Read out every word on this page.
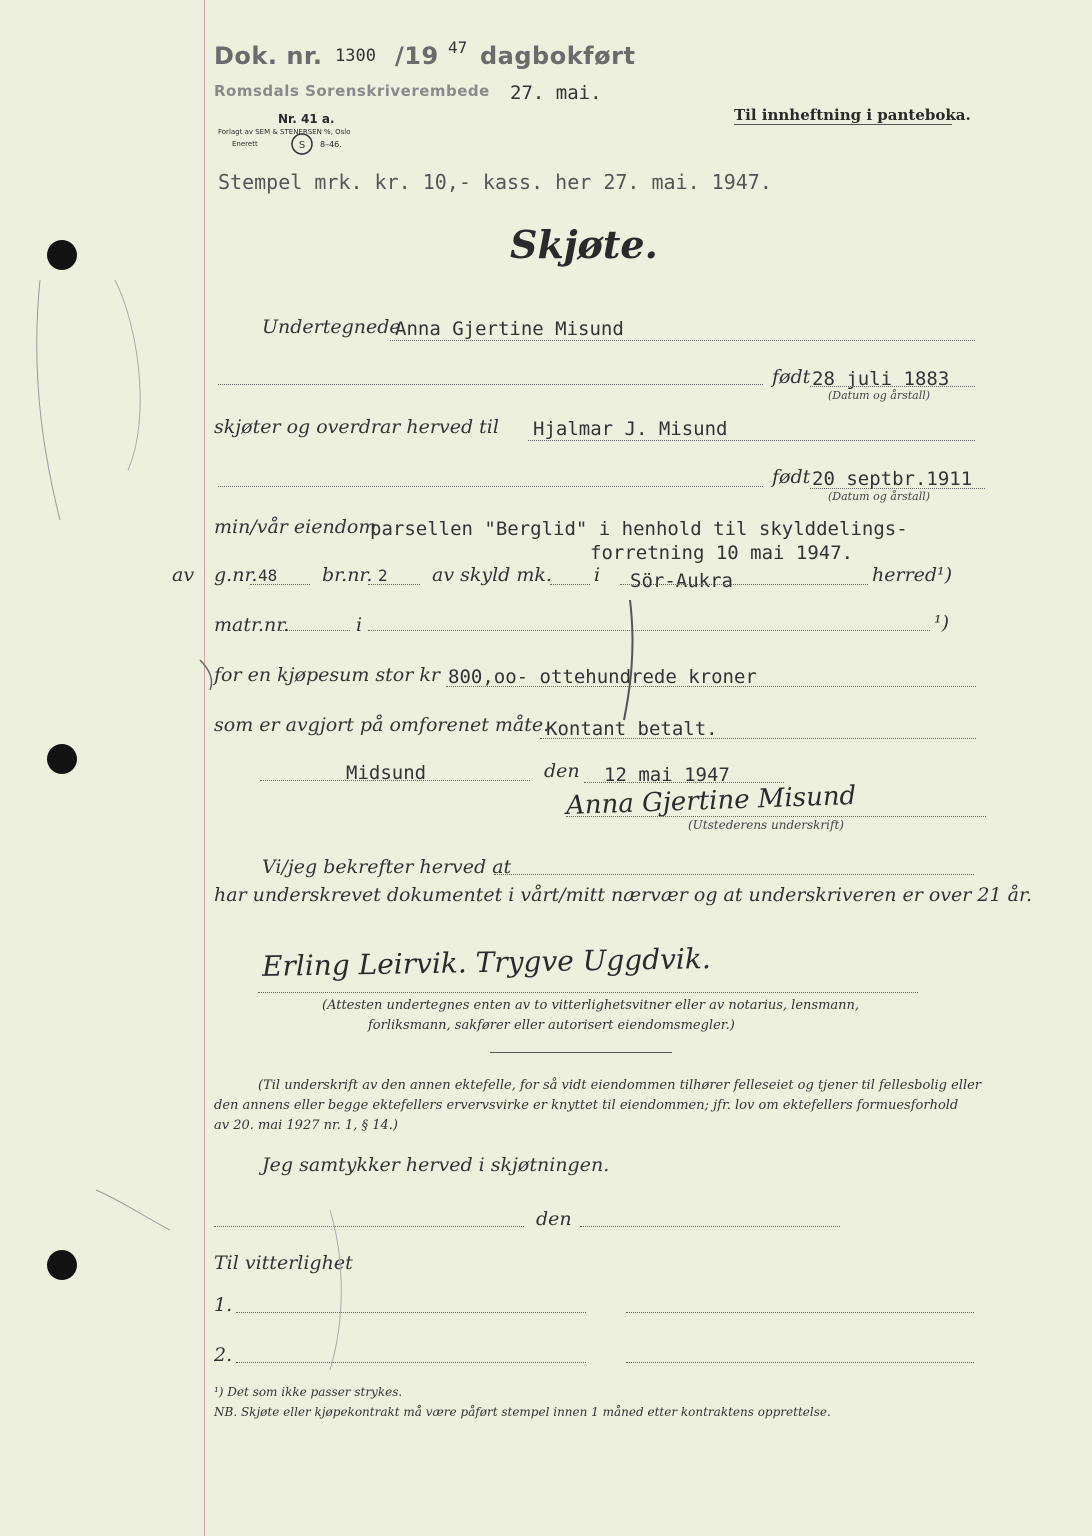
Dok. nr. 1300 /19 47 dagbokført
Romsdals Sorenskriverembede 27. mai.
Nr. 41 a.
Forlagt av SEM & STENERSEN %, Oslo
Enerett	S 8–46.
Til innheftning i panteboka.
Stempel mrk. kr. 10,- kass. her 27. mai. 1947.
Skjøte.
Undertegnede
Anna Gjertine Misund
født 28 juli 1883
(Datum og årstall)
skjøter og overdrar herved til Hjalmar J. Misund
født 20 septbr.1911
(Datum og årstall)
min/vår eiendom
parsellen "Berglid" i henhold til skylddelings-
forretning 10 mai 1947.
av g.nr. 48 br.nr. 2 av skyld mk. i Sör-Aukra	herred¹)
matr.nr.	i	¹)
for en kjøpesum stor kr 800,oo- ottehundrede kroner
som er avgjort på omforenet måte.
Kontant betalt.
Midsund	den 12 mai 1947
Anna Gjertine Misund
(Utstederens underskrift)
Vi/jeg bekrefter herved at
har underskrevet dokumentet i vårt/mitt nærvær og at underskriveren er over 21 år.
Erling Leirvik. Trygve Uggdvik.
(Attesten undertegnes enten av to vitterlighetsvitner eller av notarius, lensmann,
forliksmann, sakfører eller autorisert eiendomsmegler.)
(Til underskrift av den annen ektefelle, for så vidt eiendommen tilhører felleseiet og tjener til fellesbolig eller
den annens eller begge ektefellers ervervsvirke er knyttet til eiendommen; jfr. lov om ektefellers formuesforhold
av 20. mai 1927 nr. 1, § 14.)
Jeg samtykker herved i skjøtningen.
den
Til vitterlighet
1.
2.
¹) Det som ikke passer strykes.
NB. Skjøte eller kjøpekontrakt må være påført stempel innen 1 måned etter kontraktens opprettelse.
